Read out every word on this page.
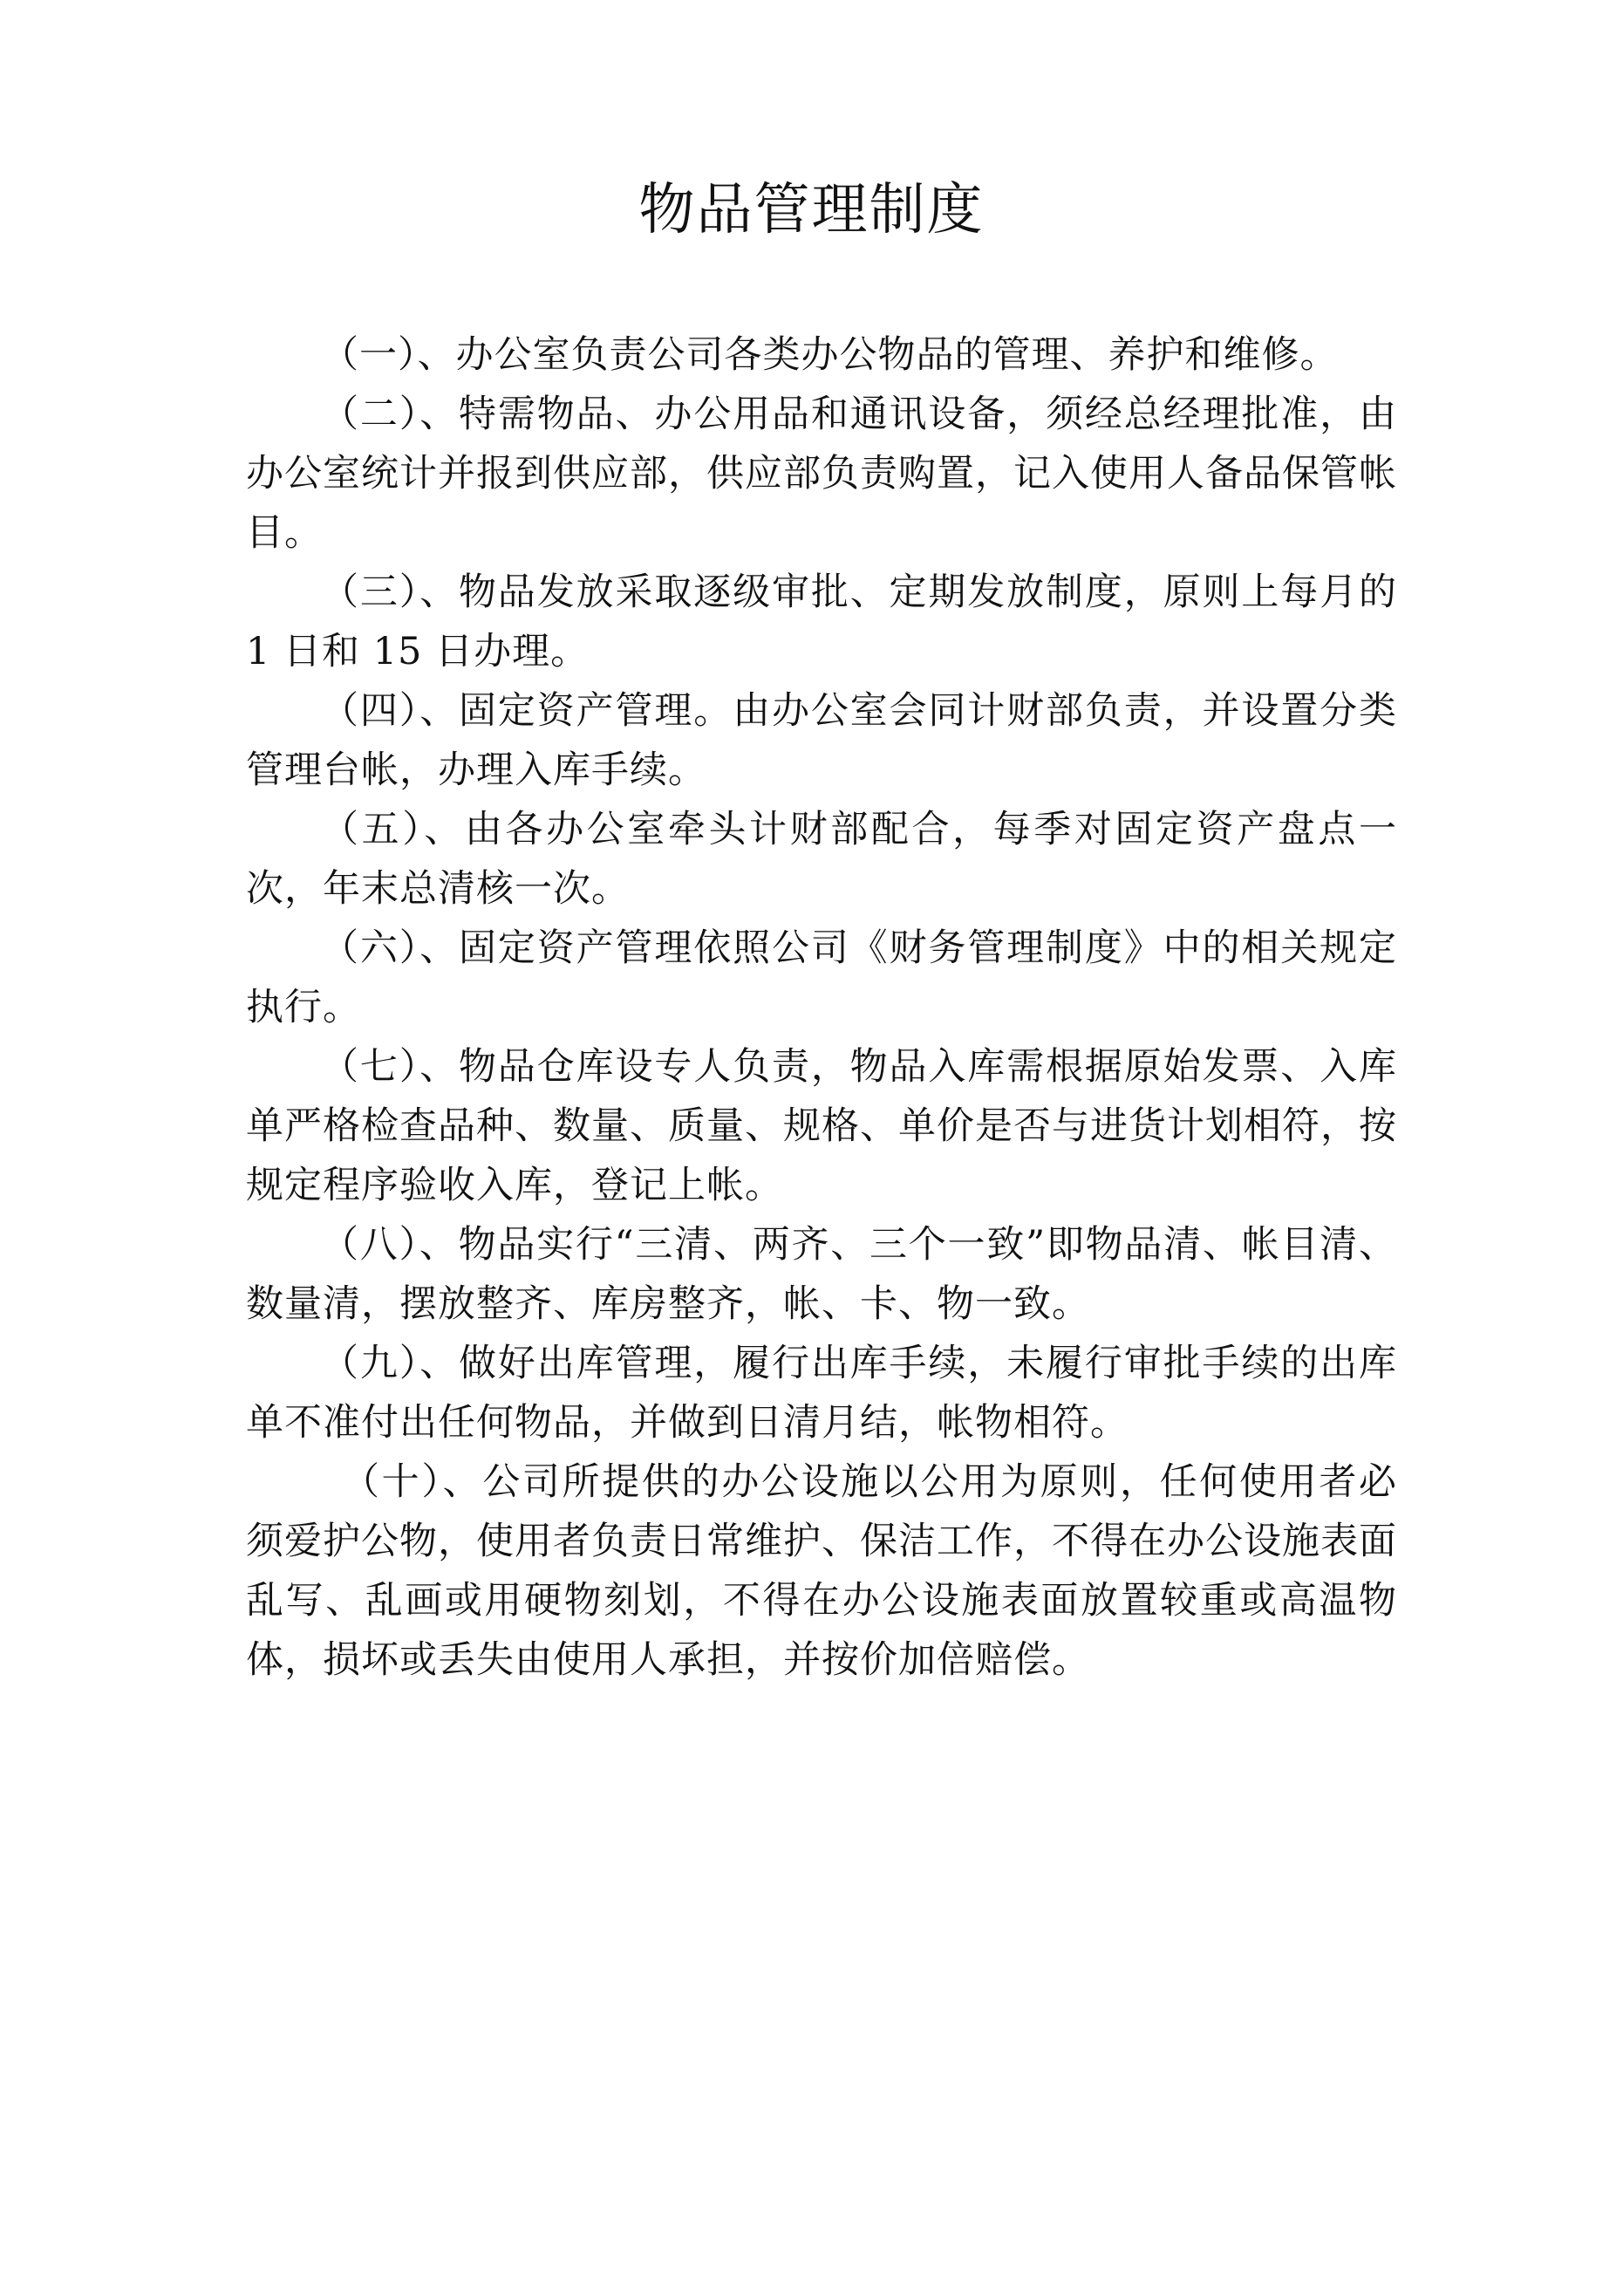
物品管理制度

（一）、办公室负责公司各类办公物品的管理、养护和维修。

（二）、特需物品、办公用品和通讯设备，须经总经理批准，由办公室统计并报到供应部，供应部负责购置，记入使用人备品保管帐目。

（三）、物品发放采取逐级审批、定期发放制度，原则上每月的 1 日和 15 日办理。

（四）、固定资产管理。由办公室会同计财部负责，并设置分类管理台帐，办理入库手续。

（五）、由各办公室牵头计财部配合，每季对固定资产盘点一次，年末总清核一次。

（六）、固定资产管理依照公司《财务管理制度》中的相关规定执行。

（七）、物品仓库设专人负责，物品入库需根据原始发票、入库单严格检查品种、数量、质量、规格、单价是否与进货计划相符，按规定程序验收入库，登记上帐。

（八）、物品实行“三清、两齐、三个一致”即物品清、帐目清、数量清，摆放整齐、库房整齐，帐、卡、物一致。

（九）、做好出库管理，履行出库手续，未履行审批手续的出库单不准付出任何物品，并做到日清月结，帐物相符。

（十）、公司所提供的办公设施以公用为原则，任何使用者必须爱护公物，使用者负责日常维护、保洁工作，不得在办公设施表面乱写、乱画或用硬物刻划，不得在办公设施表面放置较重或高温物体，损坏或丢失由使用人承担，并按价加倍赔偿。
